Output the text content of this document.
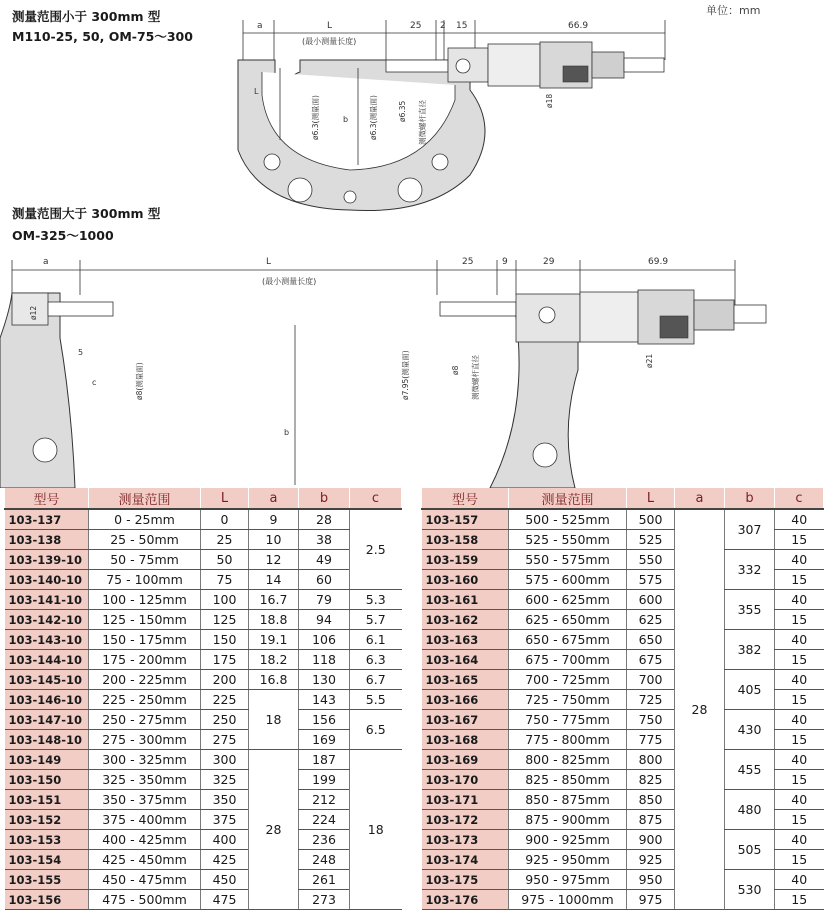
测量范围小于 300mm 型
M110-25, 50, OM-75～300
测量范围大于 300mm 型
OM-325～1000
单位：mm
a	L	25 2 15	66.9
(最小测量长度)
L
b
ø6.3(测量面)	ø6.3(测量面)	ø6.35 测微螺杆直径	ø18
a	L	25	9	29	69.9
(最小测量长度)
ø12
5
c	ø8(测量面)
b
ø7.95(测量面)	ø8 测微螺杆直径	ø21
型号	测量范围	L	a	b	c
103-137	0 - 25mm	0	9	28	2.5
103-138	25 - 50mm	25	10	38	
103-139-10	50 - 75mm	50	12	49	
103-140-10	75 - 100mm	75	14	60	
103-141-10	100 - 125mm	100	16.7	79	5.3
103-142-10	125 - 150mm	125	18.8	94	5.7
103-143-10	150 - 175mm	150	19.1	106	6.1
103-144-10	175 - 200mm	175	18.2	118	6.3
103-145-10	200 - 225mm	200	16.8	130	6.7
103-146-10	225 - 250mm	225	18	143	5.5
103-147-10	250 - 275mm	250		156	6.5
103-148-10	275 - 300mm	275		169	
103-149	300 - 325mm	300	28	187	18
103-150	325 - 350mm	325		199	
103-151	350 - 375mm	350		212	
103-152	375 - 400mm	375		224	
103-153	400 - 425mm	400		236	
103-154	425 - 450mm	425		248	
103-155	450 - 475mm	450		261	
103-156	475 - 500mm	475		273	
型号	测量范围	L	a	b	c
103-157	500 - 525mm	500	28	307	40
103-158	525 - 550mm	525			15
103-159	550 - 575mm	550		332	40
103-160	575 - 600mm	575			15
103-161	600 - 625mm	600		355	40
103-162	625 - 650mm	625			15
103-163	650 - 675mm	650		382	40
103-164	675 - 700mm	675			15
103-165	700 - 725mm	700		405	40
103-166	725 - 750mm	725			15
103-167	750 - 775mm	750		430	40
103-168	775 - 800mm	775			15
103-169	800 - 825mm	800		455	40
103-170	825 - 850mm	825			15
103-171	850 - 875mm	850		480	40
103-172	875 - 900mm	875			15
103-173	900 - 925mm	900		505	40
103-174	925 - 950mm	925			15
103-175	950 - 975mm	950		530	40
103-176	975 - 1000mm	975			15
